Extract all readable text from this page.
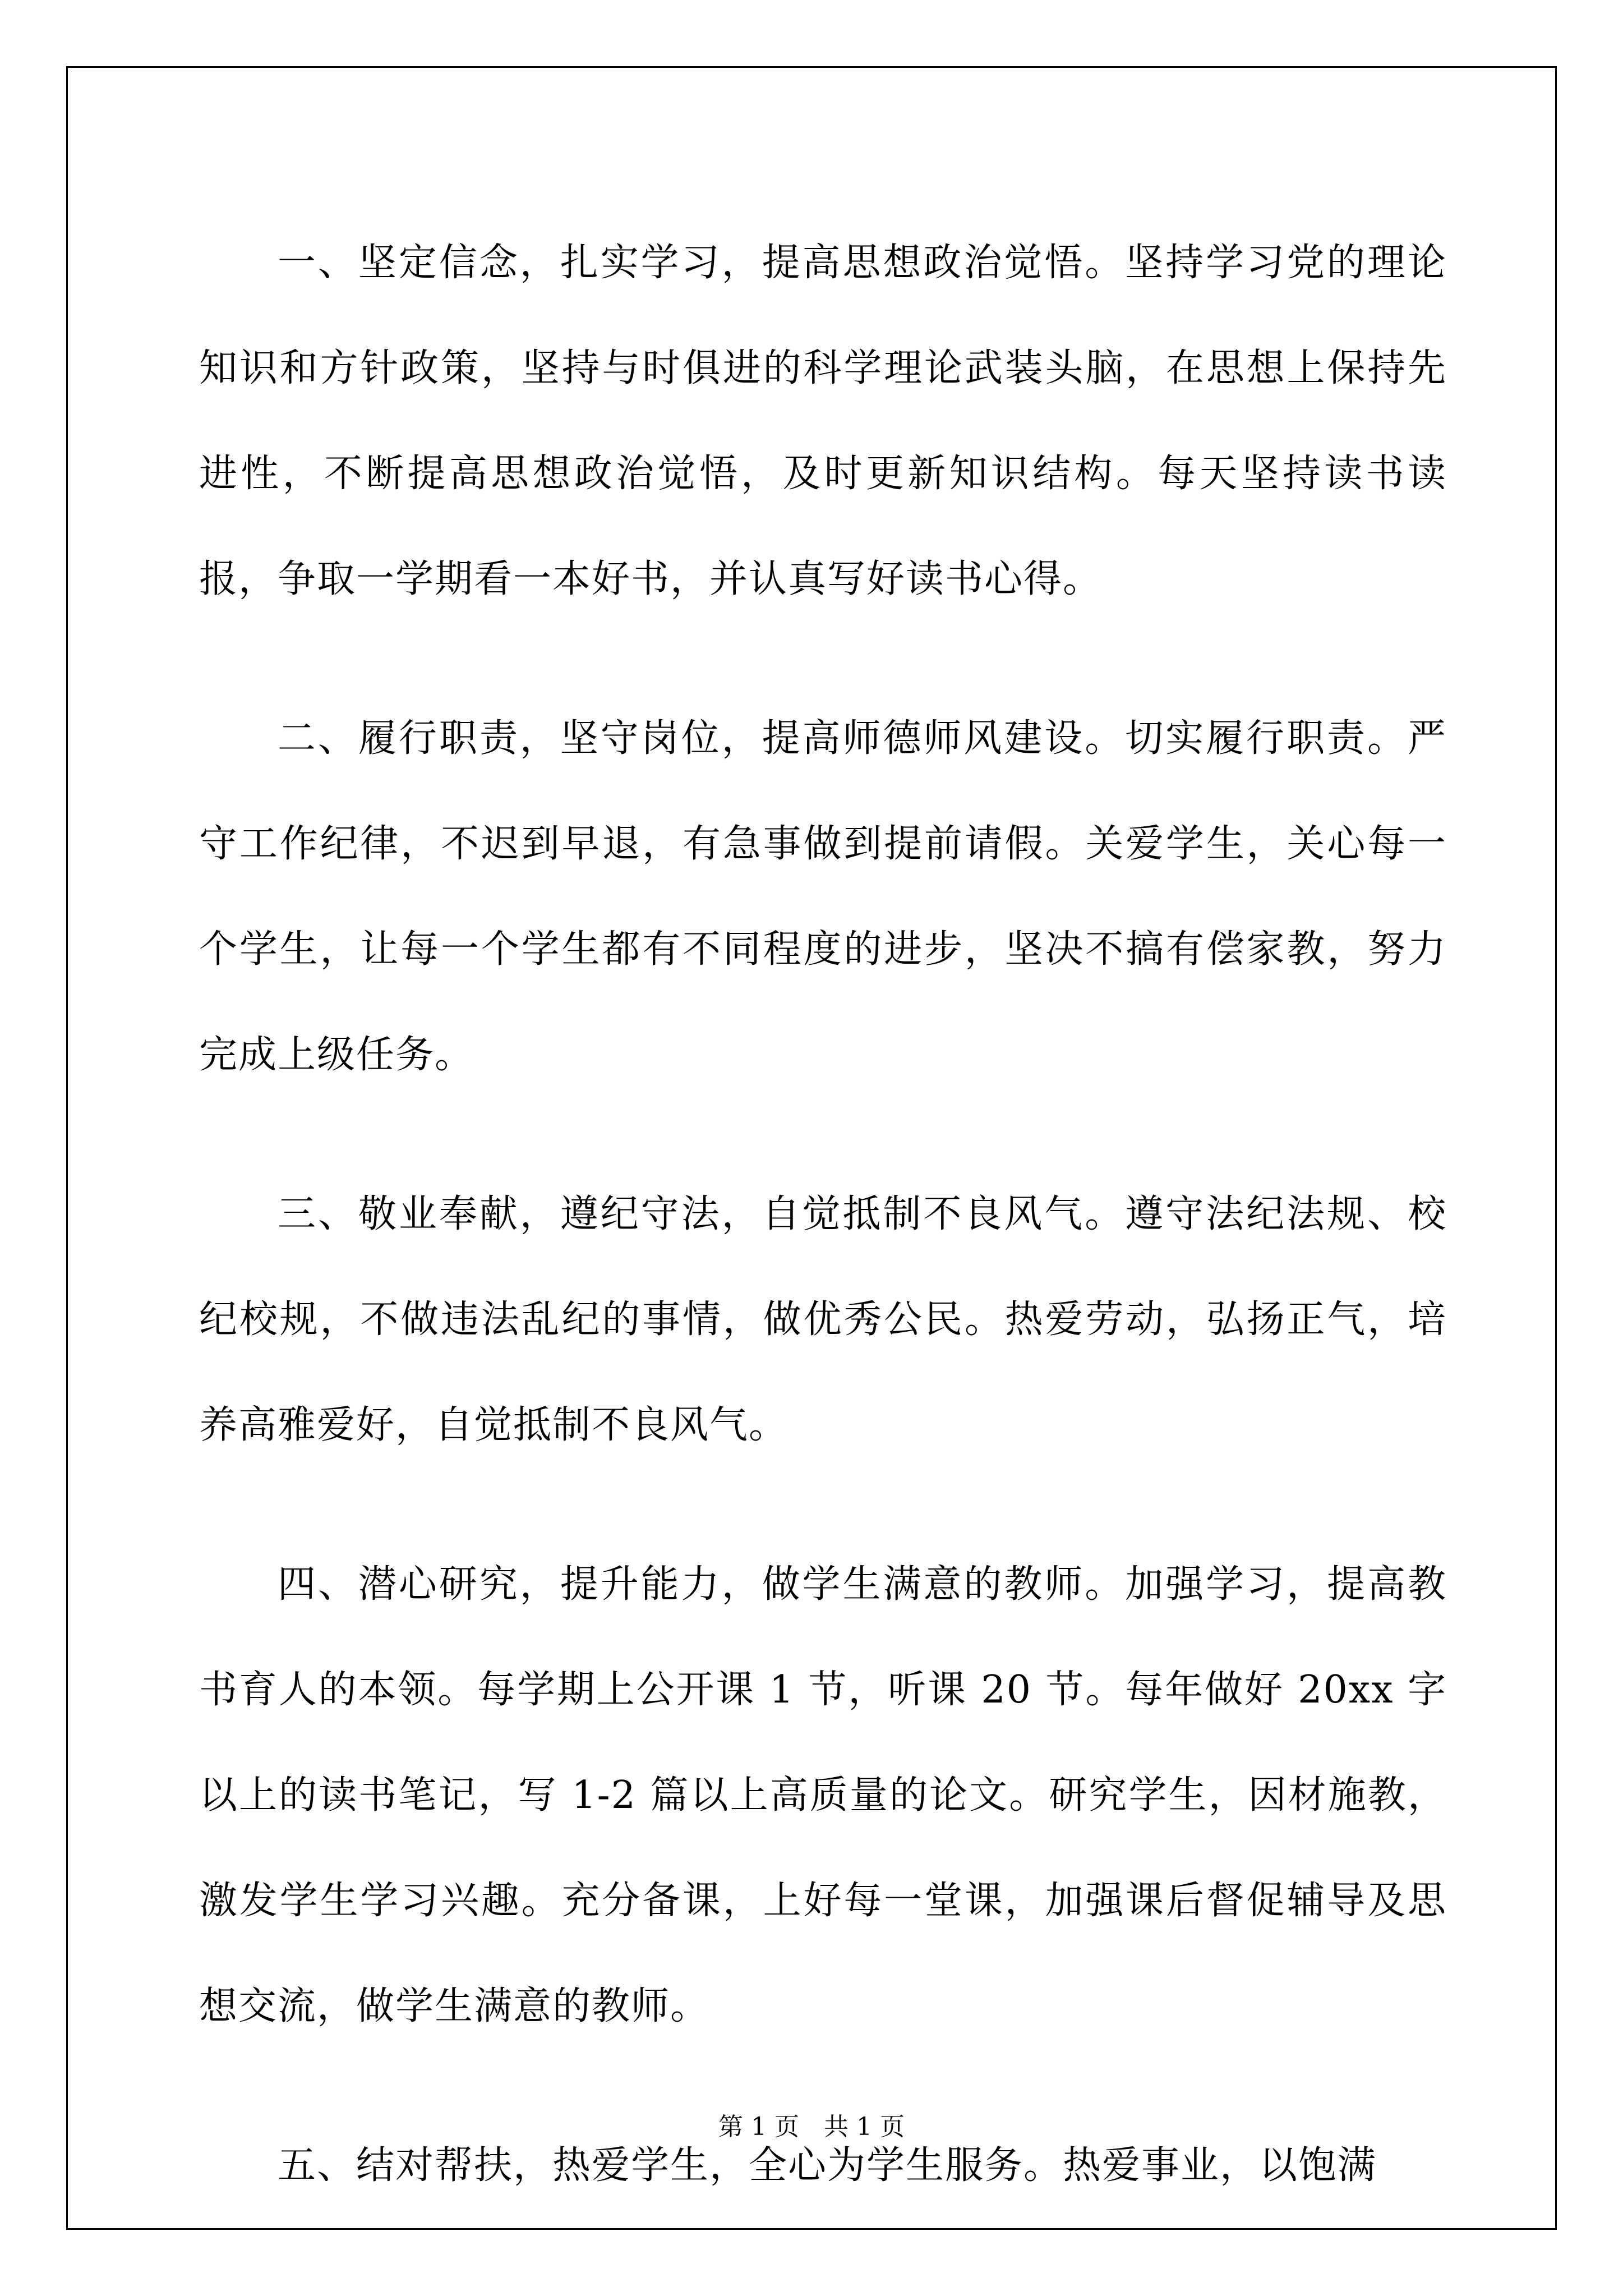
一、坚定信念，扎实学习，提高思想政治觉悟。坚持学习党的理论知识和方针政策，坚持与时俱进的科学理论武装头脑，在思想上保持先进性，不断提高思想政治觉悟，及时更新知识结构。每天坚持读书读报，争取一学期看一本好书，并认真写好读书心得。

二、履行职责，坚守岗位，提高师德师风建设。切实履行职责。严守工作纪律，不迟到早退，有急事做到提前请假。关爱学生，关心每一个学生，让每一个学生都有不同程度的进步，坚决不搞有偿家教，努力完成上级任务。

三、敬业奉献，遵纪守法，自觉抵制不良风气。遵守法纪法规、校纪校规，不做违法乱纪的事情，做优秀公民。热爱劳动，弘扬正气，培养高雅爱好，自觉抵制不良风气。

四、潜心研究，提升能力，做学生满意的教师。加强学习，提高教书育人的本领。每学期上公开课 1 节，听课 20 节。每年做好 20xx 字以上的读书笔记，写 1-2 篇以上高质量的论文。研究学生，因材施教，激发学生学习兴趣。充分备课，上好每一堂课，加强课后督促辅导及思想交流，做学生满意的教师。

五、结对帮扶，热爱学生，全心为学生服务。热爱事业，以饱满

第 1 页　共 1 页
